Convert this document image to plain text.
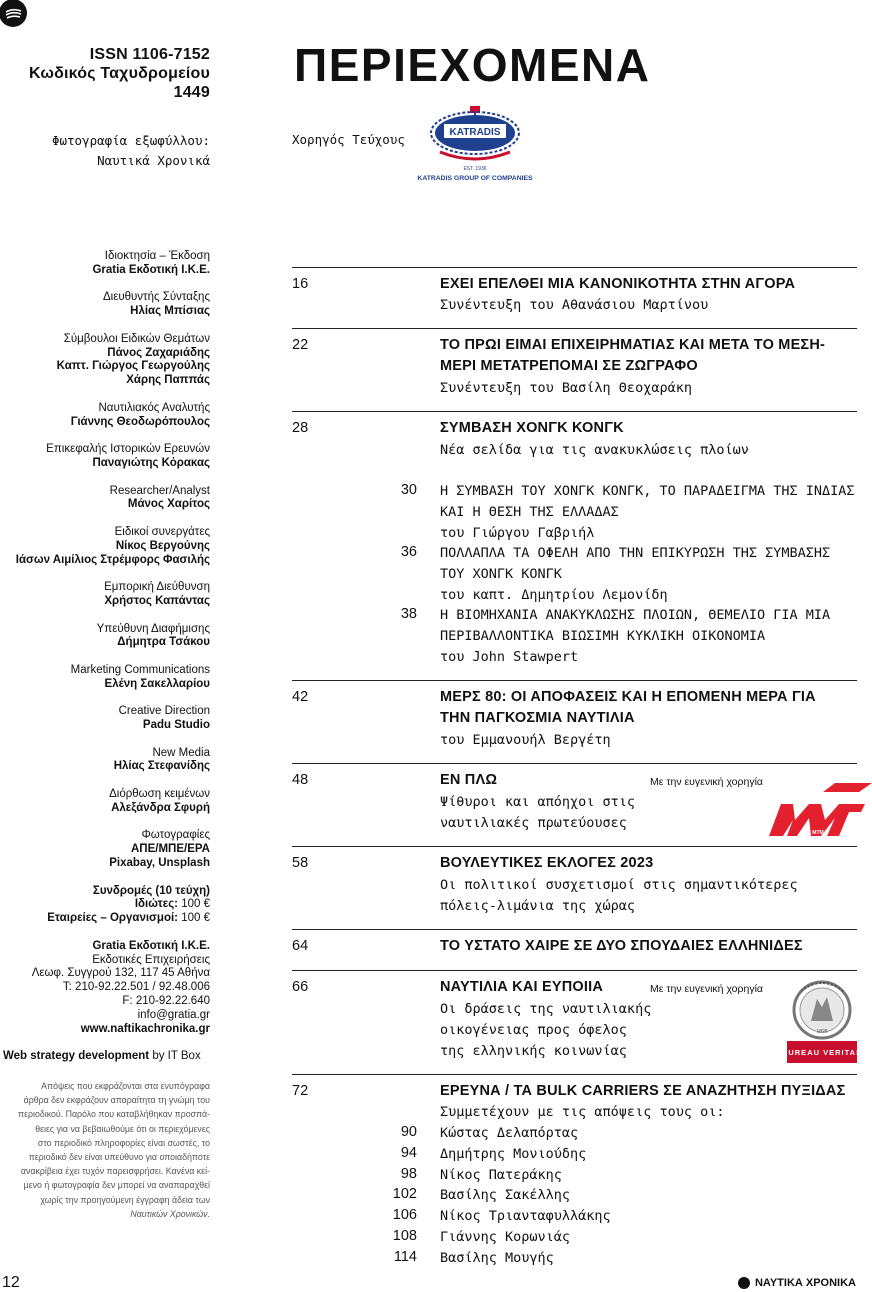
ISSN 1106-7152
Κωδικός Ταχυδρομείου
1449
Φωτογραφία εξωφύλλου:
Ναυτικά Χρονικά
ΠΕΡΙΕΧΟΜΕΝΑ
Χορηγός Τεύχους	KATRADIS
EST. 1936
KATRADIS GROUP OF COMPANIES
Ιδιοκτησία – Έκδοση
Gratia Εκδοτική Ι.Κ.Ε.
Διευθυντής Σύνταξης
Ηλίας Μπίσιας
Σύμβουλοι Ειδικών Θεμάτων
Πάνος Ζαχαριάδης
Καπτ. Γιώργος Γεωργούλης
Χάρης Παππάς
Ναυτιλιακός Αναλυτής
Γιάννης Θεοδωρόπουλος
Επικεφαλής Ιστορικών Ερευνών
Παναγιώτης Κόρακας
Researcher/Analyst
Μάνος Χαρίτος
Ειδικοί συνεργάτες
Νίκος Βεργούνης
Ιάσων Αιμίλιος Στρέμφορς Φασιλής
Εμπορική Διεύθυνση
Χρήστος Καπάντας
Υπεύθυνη Διαφήμισης
Δήμητρα Τσάκου
Marketing Communications
Ελένη Σακελλαρίου
Creative Direction
Padu Studio
New Media
Ηλίας Στεφανίδης
Διόρθωση κειμένων
Αλεξάνδρα Σφυρή
Φωτογραφίες
ΑΠΕ/ΜΠΕ/EPA
Pixabay, Unsplash
Συνδρομές (10 τεύχη)
Ιδιώτες: 100 €
Εταιρείες – Οργανισμοί: 100 €
Gratia Εκδοτική Ι.Κ.Ε.
Εκδοτικές Επιχειρήσεις
Λεωφ. Συγγρού 132, 117 45 Αθήνα
T: 210-92.22.501 / 92.48.006
F: 210-92.22.640
info@gratia.gr
www.naftikachronika.gr
Web strategy development by IT Box
Απόψεις που εκφράζονται στα ενυπόγραφα
άρθρα δεν εκφράζουν απαραίτητα τη γνώμη του
περιοδικού. Παρόλο που καταβλήθηκαν προσπά-
θειες για να βεβαιωθούμε ότι οι περιεχόμενες
στο περιοδικό πληροφορίες είναι σωστές, το
περιοδικό δεν είναι υπεύθυνο για οποιαδήποτε
ανακρίβεια έχει τυχόν παρεισφρήσει. Κανένα κεί-
μενο ή φωτογραφία δεν μπορεί να αναπαραχθεί
χωρίς την προηγούμενη έγγραφη άδεια των
Ναυτικών Χρονικών.
16	ΕΧΕΙ ΕΠΕΛΘΕΙ ΜΙΑ ΚΑΝΟΝΙΚΟΤΗΤΑ ΣΤΗΝ ΑΓΟΡΑ
Συνέντευξη του Αθανάσιου Μαρτίνου
22	ΤΟ ΠΡΩΙ ΕΙΜΑΙ ΕΠΙΧΕΙΡΗΜΑΤΙΑΣ ΚΑΙ ΜΕΤΑ ΤΟ ΜΕΣΗ-
ΜΕΡΙ ΜΕΤΑΤΡΕΠΟΜΑΙ ΣΕ ΖΩΓΡΑΦΟ
Συνέντευξη του Βασίλη Θεοχαράκη
28	ΣΥΜΒΑΣΗ ΧΟΝΓΚ ΚΟΝΓΚ
Νέα σελίδα για τις ανακυκλώσεις πλοίων
30 Η ΣΥΜΒΑΣΗ ΤΟΥ ΧΟΝΓΚ ΚΟΝΓΚ, ΤΟ ΠΑΡΑΔΕΙΓΜΑ ΤΗΣ ΙΝΔΙΑΣ
ΚΑΙ Η ΘΕΣΗ ΤΗΣ ΕΛΛΑΔΑΣ
του Γιώργου Γαβριήλ
36 ΠΟΛΛΑΠΛΑ ΤΑ ΟΦΕΛΗ ΑΠΟ ΤΗΝ ΕΠΙΚΥΡΩΣΗ ΤΗΣ ΣΥΜΒΑΣΗΣ
ΤΟΥ ΧΟΝΓΚ ΚΟΝΓΚ
του καπτ. Δημητρίου Λεμονίδη
38 Η ΒΙΟΜΗΧΑΝΙΑ ΑΝΑΚΥΚΛΩΣΗΣ ΠΛΟΙΩΝ, ΘΕΜΕΛΙΟ ΓΙΑ ΜΙΑ
ΠΕΡΙΒΑΛΛΟΝΤΙΚΑ ΒΙΩΣΙΜΗ ΚΥΚΛΙΚΗ ΟΙΚΟΝΟΜΙΑ
του John Stawpert
42	ΜΕΡΣ 80: ΟΙ ΑΠΟΦΑΣΕΙΣ ΚΑΙ Η ΕΠΟΜΕΝΗ ΜΕΡΑ ΓΙΑ
ΤΗΝ ΠΑΓΚΟΣΜΙΑ ΝΑΥΤΙΛΙΑ
του Εμμανουήλ Βεργέτη
48	ΕΝ ΠΛΩ	Με την ευγενική χορηγία
Ψίθυροι και απόηχοι στις
ναυτιλιακές πρωτεύουσες
MTM
58	ΒΟΥΛΕΥΤΙΚΕΣ ΕΚΛΟΓΕΣ 2023
Οι πολιτικοί συσχετισμοί στις σημαντικότερες
πόλεις-λιμάνια της χώρας
64	ΤΟ ΥΣΤΑΤΟ ΧΑΙΡΕ ΣΕ ΔΥΟ ΣΠΟΥΔΑΙΕΣ ΕΛΛΗΝΙΔΕΣ
66	ΝΑΥΤΙΛΙΑ ΚΑΙ ΕΥΠΟΙΙΑ	Με την ευγενική χορηγία
Οι δράσεις της ναυτιλιακής
οικογένειας προς όφελος
της ελληνικής κοινωνίας
1828
BUREAU VERITAS
72	ΕΡΕΥΝΑ / ΤΑ BULK CARRIERS ΣΕ ΑΝΑΖΗΤΗΣΗ ΠΥΞΙΔΑΣ
Συμμετέχουν με τις απόψεις τους οι:
90 Κώστας Δελαπόρτας
94 Δημήτρης Μονιούδης
98 Νίκος Πατεράκης
102 Βασίλης Σακέλλης
106 Νίκος Τριανταφυλλάκης
108 Γιάννης Κορωνιάς
114 Βασίλης Μουγής
12	ΝΑΥΤΙΚΑ ΧΡΟΝΙΚΑ
